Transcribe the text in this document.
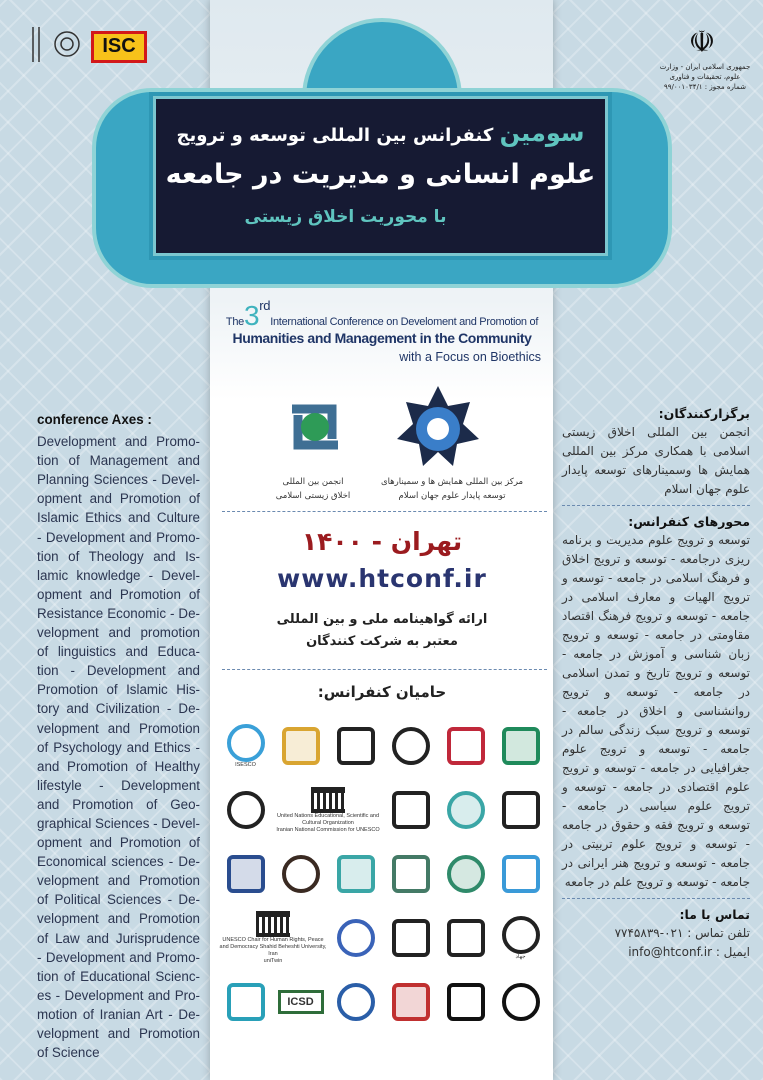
سومین کنفرانس بین المللی توسعه و ترویج
علوم انسانی و مدیریت در جامعه
با محوریت اخلاق زیستی
ISC	☫
جمهوری اسلامی ایران - وزارت علوم، تحقیقات و فناوری
شماره مجوز : ۹۹/۰۰۱۰۳۴/۱
The3rdInternational Conference on Develoment and Promotion of
Humanities and Management in the Community
with a Focus on Bioethics
انجمن بین المللی
اخلاق زیستی اسلامی
مرکز بین المللی همایش ها و سمینارهای
توسعه پایدار علوم جهان اسلام
تهران - ۱۴۰۰
www.htconf.ir
ارائه گواهینامه ملی و بین المللی معتبر به شرکت کنندگان
حامیان کنفرانس:
ISESCO
United Nations Educational, Scientific and Cultural Organization
Iranian National Commission for UNESCO
UNESCO Chair for Human Rights, Peace and Democracy Shahid Beheshti University, Iran
uniTwin
جهاد
ICSD
conference Axes :
Development and Promo-
tion of Management and
Planning Sciences - Devel-
opment and Promotion of
Islamic Ethics and Culture
- Development and Promo-
tion of Theology and Is-
lamic knowledge - Devel-
opment and Promotion of
Resistance Economic - De-
velopment and promotion
of linguistics and Educa-
tion - Development and
Promotion of Islamic His-
tory and Civilization - De-
velopment and Promotion
of Psychology and Ethics -
and Promotion of Healthy
lifestyle - Development
and Promotion of Geo-
graphical Sciences - Devel-
opment and Promotion of
Economical sciences - De-
velopment and Promotion
of Political Sciences - De-
velopment and Promotion
of Law and Jurisprudence
- Development and Promo-
tion of Educational Scienc-
es - Development and Pro-
motion of Iranian Art - De-
velopment and Promotion
of Science
برگزارکنندگان:
انجمن بین المللی اخلاق زیستی اسلامی با همکاری مرکز بین المللی همایش ها وسمینارهای توسعه پایدار علوم جهان اسلام
محورهای کنفرانس:
توسعه و ترویج علوم مدیریت و برنامه ریزی درجامعه - توسعه و ترویج اخلاق و فرهنگ اسلامی در جامعه - توسعه و ترویج الهیات و معارف اسلامی در جامعه - توسعه و ترویج فرهنگ اقتصاد مقاومتی در جامعه - توسعه و ترویج زبان شناسی و آموزش در جامعه - توسعه و ترویج تاریخ و تمدن اسلامی در جامعه - توسعه و ترویج روانشناسی و اخلاق در جامعه - توسعه و ترویج سبک زندگی سالم در جامعه - توسعه و ترویج علوم جغرافیایی در جامعه - توسعه و ترویج علوم اقتصادی در جامعه - توسعه و ترویج علوم سیاسی در جامعه - توسعه و ترویج فقه و حقوق در جامعه - توسعه و ترویج علوم تربیتی در جامعه - توسعه و ترویج هنر ایرانی در جامعه - توسعه و ترویج علم در جامعه
تماس با ما:
تلفن تماس : ۰۲۱-۷۷۴۵۸۳۹
ایمیل : info@htconf.ir
